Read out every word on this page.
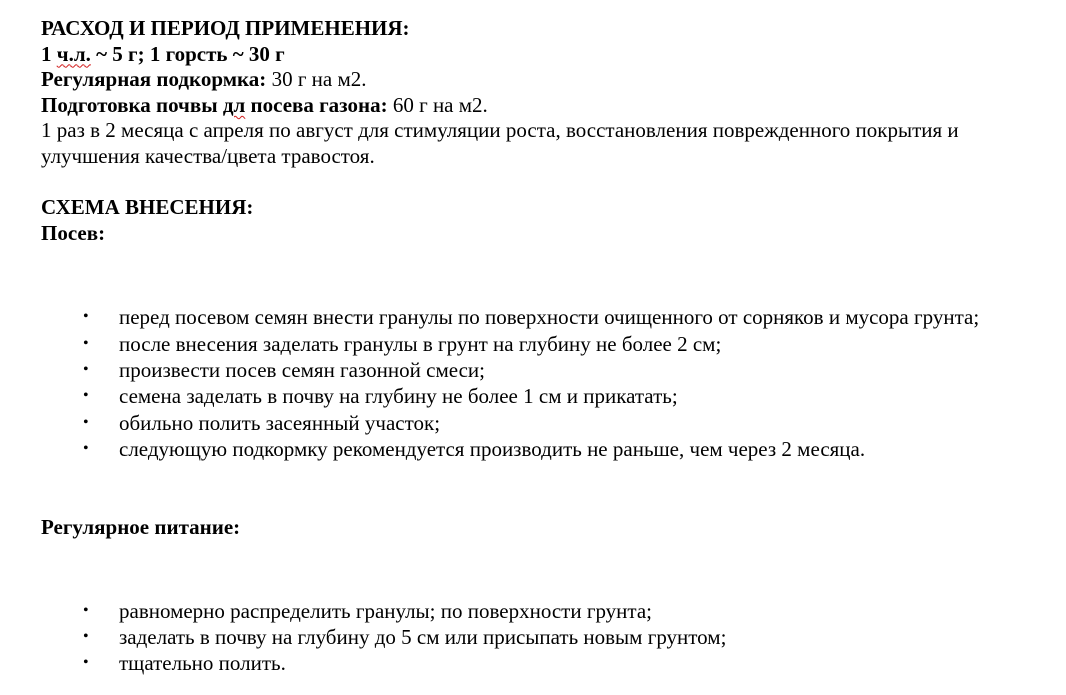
РАСХОД И ПЕРИОД ПРИМЕНЕНИЯ:
1 ч.л. ~ 5 г; 1 горсть ~ 30 г
Регулярная подкормка: 30 г на м2.
Подготовка почвы дл посева газона: 60 г на м2.
1 раз в 2 месяца с апреля по август для стимуляции роста, восстановления поврежденного покрытия и улучшения качества/цвета травостоя.
СХЕМА ВНЕСЕНИЯ:
Посев:
• перед посевом семян внести гранулы по поверхности очищенного от сорняков и мусора грунта;
• после внесения заделать гранулы в грунт на глубину не более 2 см;
• произвести посев семян газонной смеси;
• семена заделать в почву на глубину не более 1 см и прикатать;
• обильно полить засеянный участок;
• следующую подкормку рекомендуется производить не раньше, чем через 2 месяца.
Регулярное питание:
• равномерно распределить гранулы; по поверхности грунта;
• заделать в почву на глубину до 5 см или присыпать новым грунтом;
• тщательно полить.
